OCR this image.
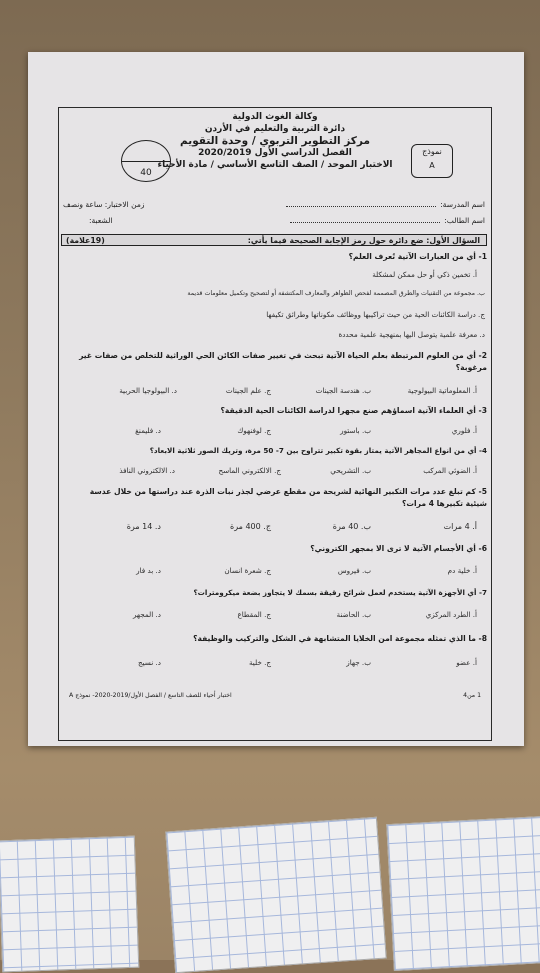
وكالة الغوث الدولية
دائرة التربية والتعليم في الأردن
مركز التطوير التربوي / وحدة التقويم
الفصل الدراسي الأول 2020/2019
الاختبار الموحد / الصف التاسع الأساسي / مادة الأحياء
نموذج
A
40
اسم المدرسة:
زمن الاختبار: ساعة ونصف
اسم الطالب:
الشعبة:
السؤال الأول: ضع دائرة حول رمز الإجابة الصحيحة فيما يأتي:
(19علامة)
1- أي من العبارات الآتية تُعرف العلم؟
أ. تخمين ذكي أو حل ممكن لمشكلة
ب. مجموعة من التقنيات والطرق المصممة لفحص الظواهر والمعارف المكتشفة أو لتصحيح وتكميل معلومات قديمة
ج. دراسة الكائنات الحية من حيث تراكيبها ووظائف مكوناتها وطرائق تكيفها
د. معرفة علمية يتوصل اليها بمنهجية علمية محددة
2- أي من العلوم المرتبطة بعلم الحياة الآتية تبحث في تغيير صفات الكائن الحي الوراثية للتخلص من صفات غير مرغوبة؟
أ. المعلوماتية البيولوجية
ب. هندسة الجينات
ج. علم الجينات
د. البيولوجيا الحربية
3- أي العلماء الآتية اسماؤهم صنع مجهرا لدراسة الكائنات الحية الدقيقة؟
أ. فلوري
ب. باستور
ج. لوفنهوك
د. فليمنغ
4- أي من انواع المجاهر الآتية يمتاز بقوة تكبير تتراوح بين 7- 50 مرة، وتريك الصور ثلاثية الابعاد؟
أ. الضوئي المركب
ب. التشريحي
ج. الالكتروني الماسح
د. الالكتروني النافذ
5- كم تبلغ عدد مرات التكبير النهائية لشريحة من مقطع عرضي لجذر نبات الذرة عند دراستها من خلال عدسة شيئية تكبيرها 4 مرات؟
أ. 4 مرات
ب. 40 مرة
ج. 400 مرة
د. 14 مرة
6- أي الأجسام الآتية لا ترى الا بمجهر الكتروني؟
أ. خلية دم
ب. فيروس
ج. شعرة انسان
د. بد فار
7- أي الأجهزة الآتية يستخدم لعمل شرائح رقيقة بسمك لا يتجاوز بضعة ميكرومترات؟
أ. الطرد المركزي
ب. الحاضنة
ج. المقطاع
د. المجهر
8- ما الذي تمثله مجموعة امن الخلايا المتشابهة في الشكل والتركيب والوظيفة؟
أ. عضو
ب. جهاز
ج. خلية
د. نسيج
1 من4
اختبار أحياء للصف التاسع / الفصل الأول/2019-2020- نموذج A
